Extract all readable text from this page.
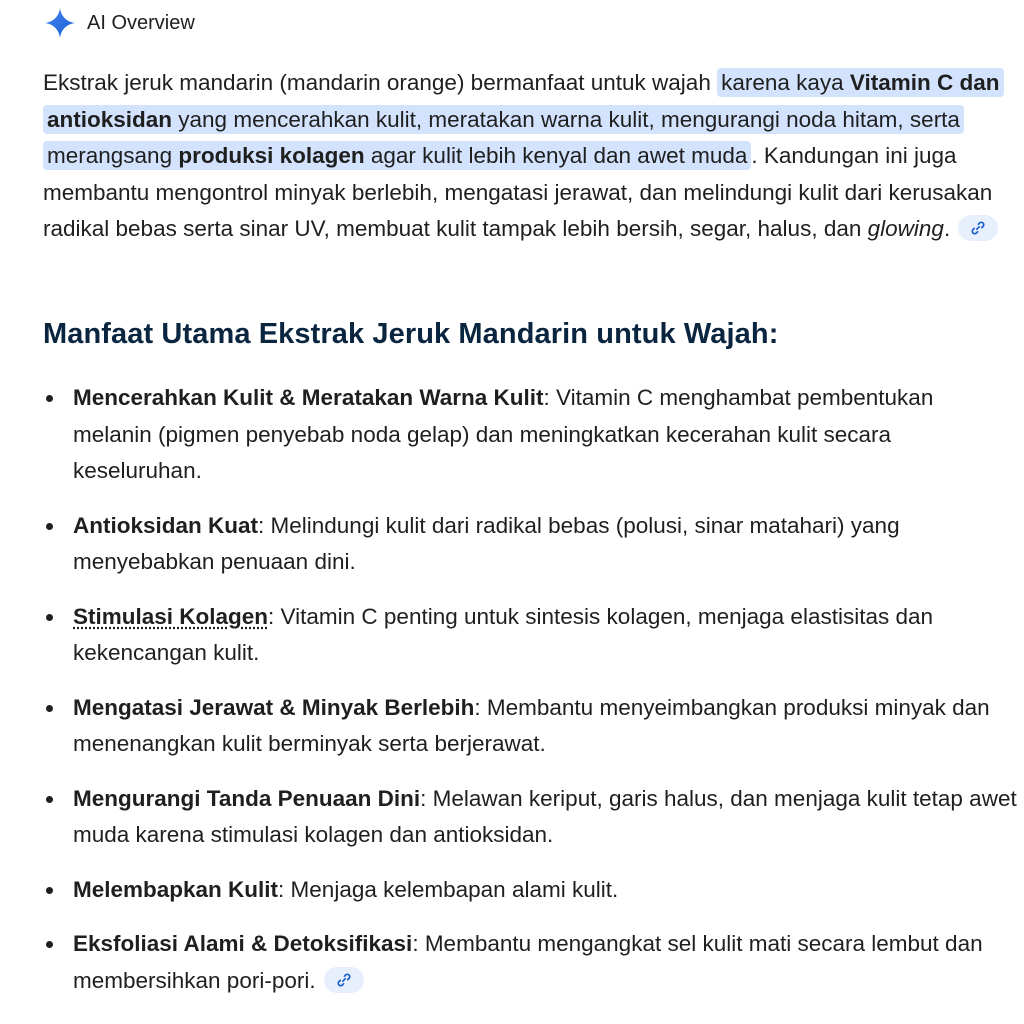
AI Overview
Ekstrak jeruk mandarin (mandarin orange) bermanfaat untuk wajah karena kaya Vitamin C dan antioksidan yang mencerahkan kulit, meratakan warna kulit, mengurangi noda hitam, serta merangsang produksi kolagen agar kulit lebih kenyal dan awet muda . Kandungan ini juga membantu mengontrol minyak berlebih, mengatasi jerawat, dan melindungi kulit dari kerusakan radikal bebas serta sinar UV, membuat kulit tampak lebih bersih, segar, halus, dan glowing.
Manfaat Utama Ekstrak Jeruk Mandarin untuk Wajah:
Mencerahkan Kulit & Meratakan Warna Kulit: Vitamin C menghambat pembentukan melanin (pigmen penyebab noda gelap) dan meningkatkan kecerahan kulit secara keseluruhan.
Antioksidan Kuat: Melindungi kulit dari radikal bebas (polusi, sinar matahari) yang menyebabkan penuaan dini.
Stimulasi Kolagen: Vitamin C penting untuk sintesis kolagen, menjaga elastisitas dan kekencangan kulit.
Mengatasi Jerawat & Minyak Berlebih: Membantu menyeimbangkan produksi minyak dan menenangkan kulit berminyak serta berjerawat.
Mengurangi Tanda Penuaan Dini: Melawan keriput, garis halus, dan menjaga kulit tetap awet muda karena stimulasi kolagen dan antioksidan.
Melembapkan Kulit: Menjaga kelembapan alami kulit.
Eksfoliasi Alami & Detoksifikasi: Membantu mengangkat sel kulit mati secara lembut dan membersihkan pori-pori.
